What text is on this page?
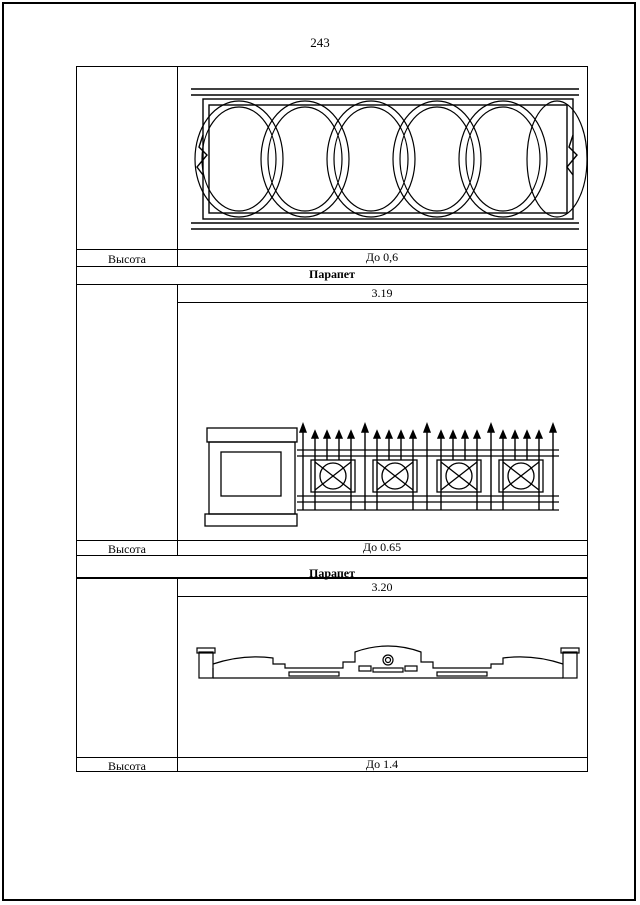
243
Высота	До 0,6
Парапет
3.19
Высота	До 0.65
Парапет
3.20
Высота	До 1.4
